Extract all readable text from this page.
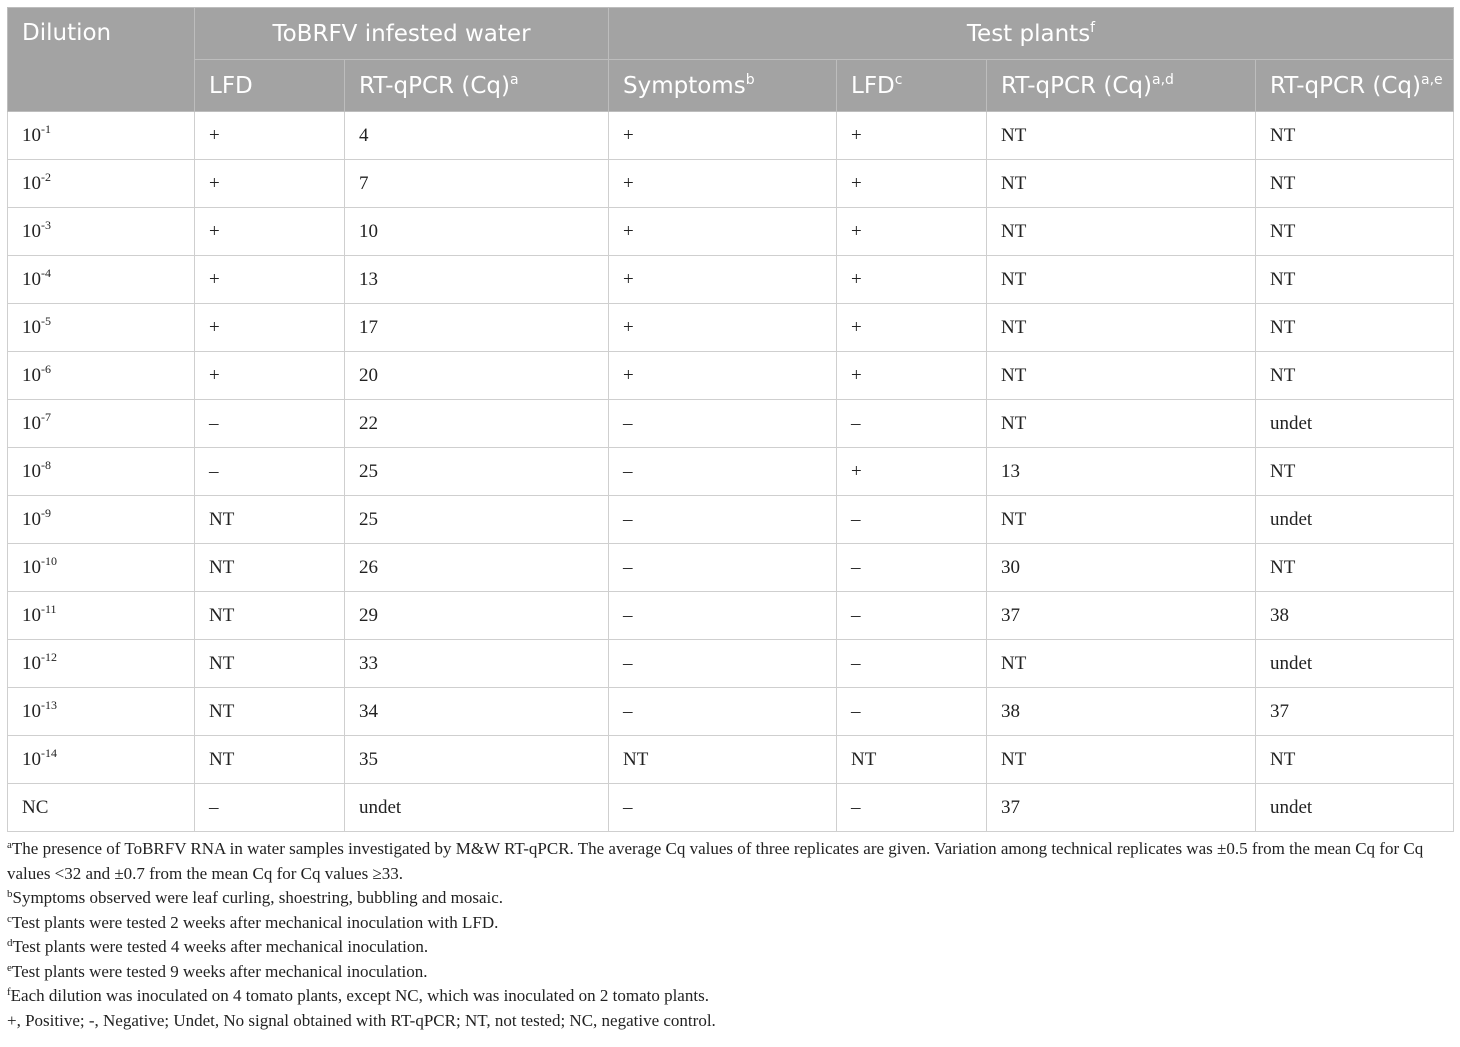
Dilution	ToBRFV infested water		Test plants$^f$
	LFD	RT-qPCR $(Cq)^a$	Symptoms$^b$	LFD$^c$	RT-qPCR $(Cq)^{a,d}$	RT-qPCR $(Cq)^{a,e}$
$10^{-1}$	+	4	+	+	NT	NT
$10^{-2}$	+	7	+	+	NT	NT
$10^{-3}$	+	10	+	+	NT	NT
$10^{-4}$	+	13	+	+	NT	NT
$10^{-5}$	+	17	+	+	NT	NT
$10^{-6}$	+	20	+	+	NT	NT
$10^{-7}$	–	22	–	–	NT	undet
$10^{-8}$	–	25	–	+	13	NT
$10^{-9}$	NT	25	–	–	NT	undet
$10^{-10}$	NT	26	–	–	30	NT
$10^{-11}$	NT	29	–	–	37	38
$10^{-12}$	NT	33	–	–	NT	undet
$10^{-13}$	NT	34	–	–	38	37
$10^{-14}$	NT	35	NT	NT	NT	NT
NC	–	undet	–	–	37	undet

$^a$The presence of ToBRFV RNA in water samples investigated by M&W RT-qPCR. The average Cq values of three replicates are given. Variation among technical replicates was ±0.5 from the mean Cq for Cq values <32 and ±0.7 from the mean Cq for Cq values ≥33.

$^b$Symptoms observed were leaf curling, shoestring, bubbling and mosaic.

$^c$Test plants were tested 2 weeks after mechanical inoculation with LFD.

$^d$Test plants were tested 4 weeks after mechanical inoculation.

$^e$Test plants were tested 9 weeks after mechanical inoculation.

$^f$Each dilution was inoculated on 4 tomato plants, except NC, which was inoculated on 2 tomato plants.

+, Positive; -, Negative; Undet, No signal obtained with RT-qPCR; NT, not tested; NC, negative control.
